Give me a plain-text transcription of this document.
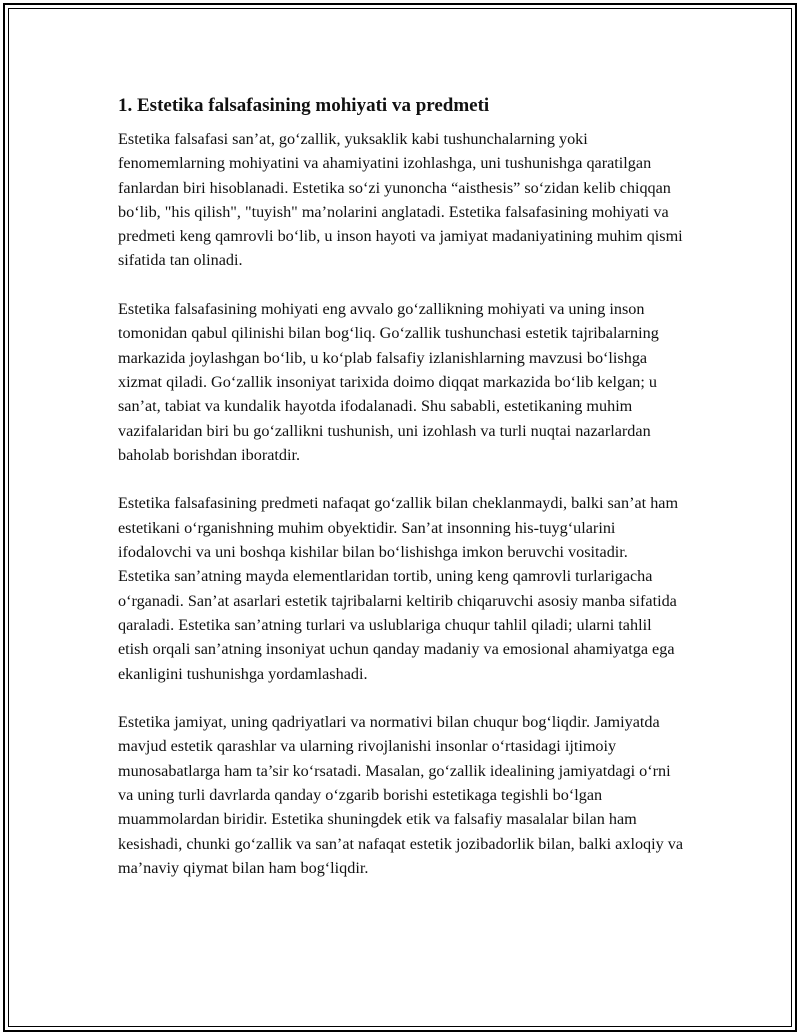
1. Estetika falsafasining mohiyati va predmeti

Estetika falsafasi san’at, go‘zallik, yuksaklik kabi tushunchalarning yoki fenomemlarning mohiyatini va ahamiyatini izohlashga, uni tushunishga qaratilgan fanlardan biri hisoblanadi. Estetika so‘zi yunoncha “aisthesis” so‘zidan kelib chiqqan bo‘lib, "his qilish", "tuyish" ma’nolarini anglatadi. Estetika falsafasining mohiyati va predmeti keng qamrovli bo‘lib, u inson hayoti va jamiyat madaniyatining muhim qismi sifatida tan olinadi.

Estetika falsafasining mohiyati eng avvalo go‘zallikning mohiyati va uning inson tomonidan qabul qilinishi bilan bog‘liq. Go‘zallik tushunchasi estetik tajribalarning markazida joylashgan bo‘lib, u ko‘plab falsafiy izlanishlarning mavzusi bo‘lishga xizmat qiladi. Go‘zallik insoniyat tarixida doimo diqqat markazida bo‘lib kelgan; u san’at, tabiat va kundalik hayotda ifodalanadi. Shu sababli, estetikaning muhim vazifalaridan biri bu go‘zallikni tushunish, uni izohlash va turli nuqtai nazarlardan baholab borishdan iboratdir.

Estetika falsafasining predmeti nafaqat go‘zallik bilan cheklanmaydi, balki san’at ham estetikani o‘rganishning muhim obyektidir. San’at insonning his-tuyg‘ularini ifodalovchi va uni boshqa kishilar bilan bo‘lishishga imkon beruvchi vositadir. Estetika san’atning mayda elementlaridan tortib, uning keng qamrovli turlarigacha o‘rganadi. San’at asarlari estetik tajribalarni keltirib chiqaruvchi asosiy manba sifatida qaraladi. Estetika san’atning turlari va uslublariga chuqur tahlil qiladi; ularni tahlil etish orqali san’atning insoniyat uchun qanday madaniy va emosional ahamiyatga ega ekanligini tushunishga yordamlashadi.

Estetika jamiyat, uning qadriyatlari va normativi bilan chuqur bog‘liqdir. Jamiyatda mavjud estetik qarashlar va ularning rivojlanishi insonlar o‘rtasidagi ijtimoiy munosabatlarga ham ta’sir ko‘rsatadi. Masalan, go‘zallik idealining jamiyatdagi o‘rni va uning turli davrlarda qanday o‘zgarib borishi estetikaga tegishli bo‘lgan muammolardan biridir. Estetika shuningdek etik va falsafiy masalalar bilan ham kesishadi, chunki go‘zallik va san’at nafaqat estetik jozibadorlik bilan, balki axloqiy va ma’naviy qiymat bilan ham bog‘liqdir.
